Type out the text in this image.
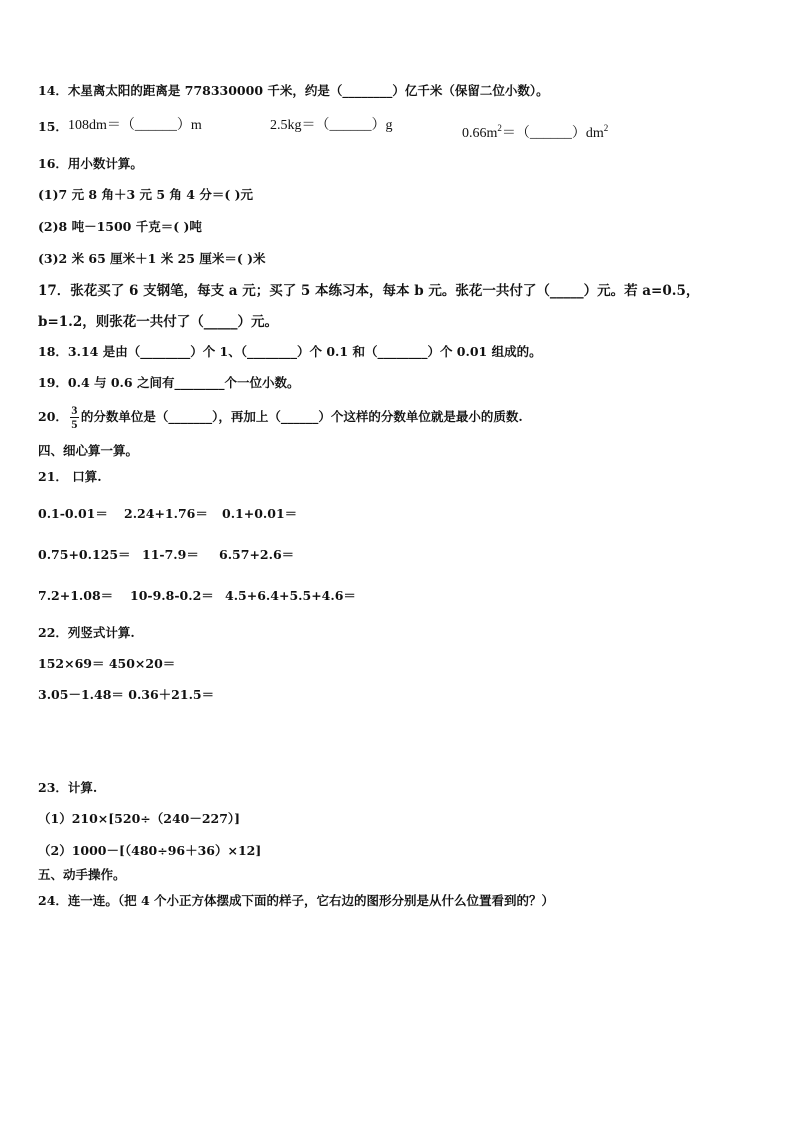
14．木星离太阳的距离是 778330000 千米，约是（________）亿千米（保留二位小数）。
15． 108dm＝（______）m	2.5kg＝（______）g
$0.66m^2=(\_\_\_\_\_\_)dm^2$
16．用小数计算。
(1)7 元 8 角＋3 元 5 角 4 分＝( )元
(2)8 吨－1500 千克＝( )吨
(3)2 米 65 厘米＋1 米 25 厘米＝( )米
17．张花买了 6 支钢笔，每支 a 元；买了 5 本练习本，每本 b 元。张花一共付了（_____）元。若 a=0.5，
b=1.2，则张花一共付了（_____）元。
18．3.14 是由（________）个 1、（________）个 0.1 和（________）个 0.01 组成的。
19．0.4 与 0.6 之间有________个一位小数。
20． $\frac{3}{5}$ 的分数单位是（_______），再加上（______）个这样的分数单位就是最小的质数.
四、细心算一算。
21． 口算.
0.1-0.01＝ 2.24+1.76＝ 0.1+0.01＝
0.75+0.125＝ 11-7.9＝ 6.57+2.6＝
7.2+1.08＝ 10-9.8-0.2＝ 4.5+6.4+5.5+4.6＝
22．列竖式计算.
152×69＝ 450×20＝
3.05－1.48＝ 0.36＋21.5＝
23．计算.
（1）210×[520÷（240－227）]
（2）1000－[（480÷96＋36）×12]
五、动手操作。
24．连一连。（把 4 个小正方体摆成下面的样子，它右边的图形分别是从什么位置看到的？）
